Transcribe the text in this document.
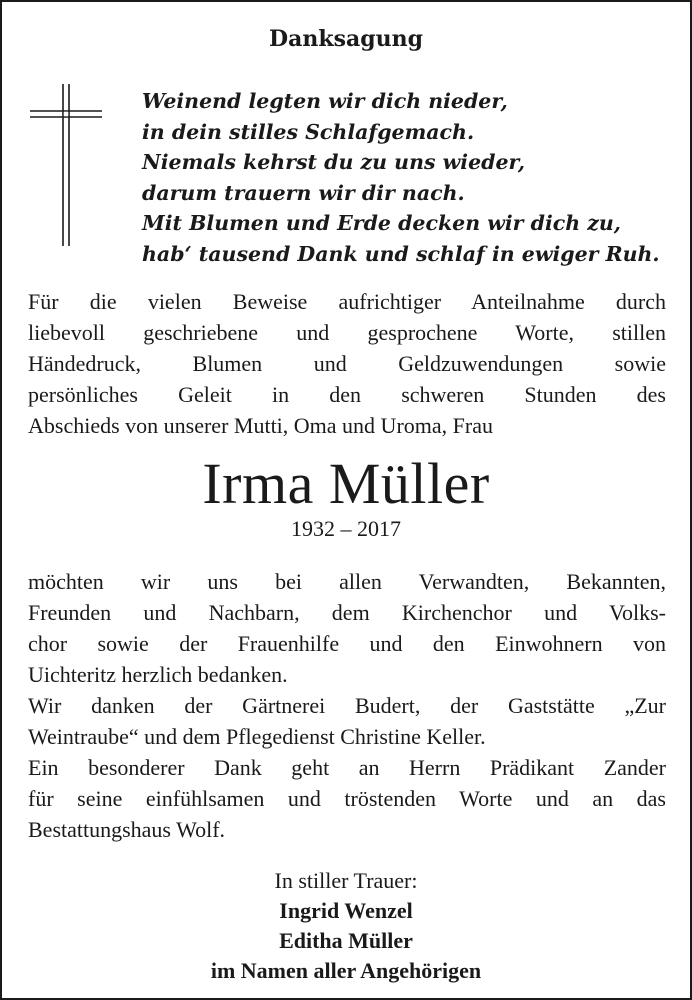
Danksagung
Weinend legten wir dich nieder,
in dein stilles Schlafgemach.
Niemals kehrst du zu uns wieder,
darum trauern wir dir nach.
Mit Blumen und Erde decken wir dich zu,
hab‘ tausend Dank und schlaf in ewiger Ruh.
Für die vielen Beweise aufrichtiger Anteilnahme durch
liebevoll geschriebene und gesprochene Worte, stillen
Händedruck, Blumen und Geldzuwendungen sowie
persönliches Geleit in den schweren Stunden des
Abschieds von unserer Mutti, Oma und Uroma, Frau
Irma Müller
1932 – 2017
möchten wir uns bei allen Verwandten, Bekannten,
Freunden und Nachbarn, dem Kirchenchor und Volks-
chor sowie der Frauenhilfe und den Einwohnern von
Uichteritz herzlich bedanken.
Wir danken der Gärtnerei Budert, der Gaststätte „Zur
Weintraube“ und dem Pflegedienst Christine Keller.
Ein besonderer Dank geht an Herrn Prädikant Zander
für seine einfühlsamen und tröstenden Worte und an das
Bestattungshaus Wolf.
In stiller Trauer:
Ingrid Wenzel
Editha Müller
im Namen aller Angehörigen
